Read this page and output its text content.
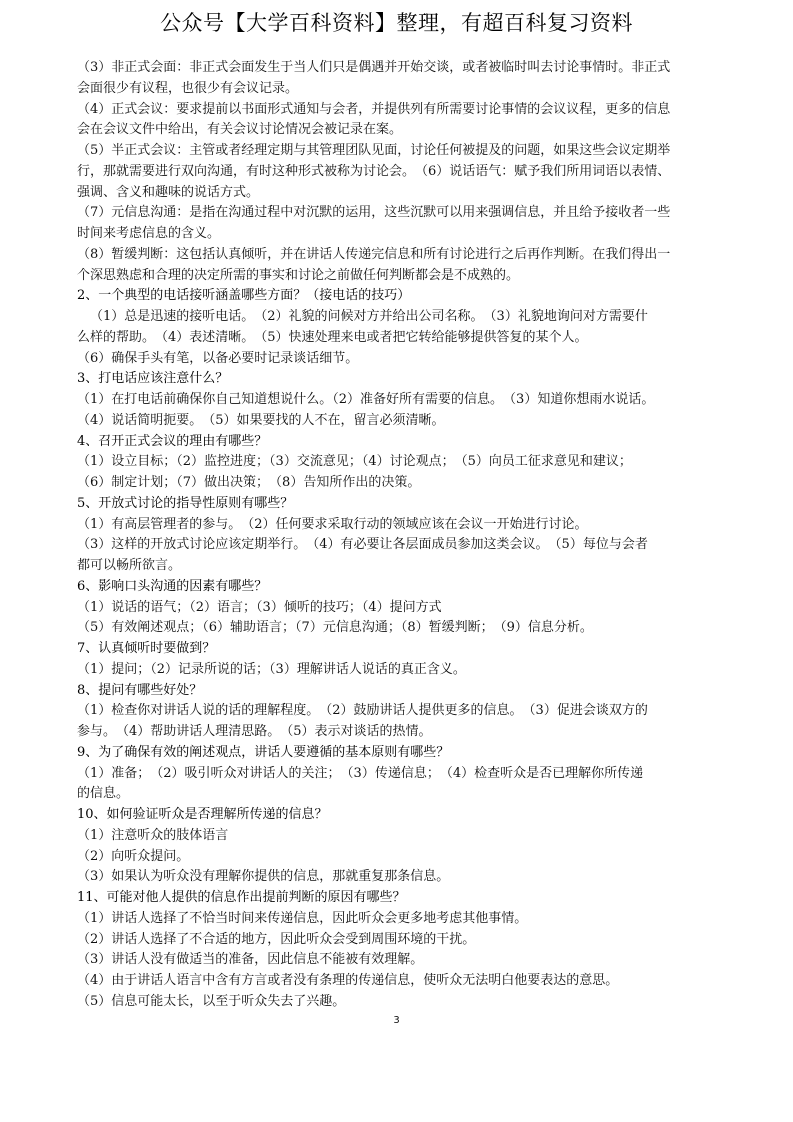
公众号【大学百科资料】整理，有超百科复习资料
（3）非正式会面：非正式会面发生于当人们只是偶遇并开始交谈，或者被临时叫去讨论事情时。非正式
会面很少有议程，也很少有会议记录。
（4）正式会议：要求提前以书面形式通知与会者，并提供列有所需要讨论事情的会议议程，更多的信息
会在会议文件中给出，有关会议讨论情况会被记录在案。
（5）半正式会议：主管或者经理定期与其管理团队见面，讨论任何被提及的问题，如果这些会议定期举
行，那就需要进行双向沟通，有时这种形式被称为讨论会。　（6）说话语气：赋予我们所用词语以表情、
强调、含义和趣味的说话方式。
（7）元信息沟通：是指在沟通过程中对沉默的运用，这些沉默可以用来强调信息，并且给予接收者一些
时间来考虑信息的含义。
（8）暂缓判断：这包括认真倾听，并在讲话人传递完信息和所有讨论进行之后再作判断。在我们得出一
个深思熟虑和合理的决定所需的事实和讨论之前做任何判断都会是不成熟的。
2、一个典型的电话接听涵盖哪些方面？（接电话的技巧）
（1）总是迅速的接听电话。　（2）礼貌的问候对方并给出公司名称。　（3）礼貌地询问对方需要什
么样的帮助。　（4）表述清晰。　（5）快速处理来电或者把它转给能够提供答复的某个人。
（6）确保手头有笔，以备必要时记录谈话细节。
3、打电话应该注意什么？
（1）在打电话前确保你自己知道想说什么。（2）准备好所有需要的信息。　（3）知道你想雨水说话。
（4）说话简明扼要。　（5）如果要找的人不在，留言必须清晰。
4、召开正式会议的理由有哪些？
（1）设立目标；（2）监控进度；（3）交流意见；（4）讨论观点；　（5）向员工征求意见和建议；
（6）制定计划；（7）做出决策；　（8）告知所作出的决策。
5、开放式讨论的指导性原则有哪些？
（1）有高层管理者的参与。　（2）任何要求采取行动的领域应该在会议一开始进行讨论。
（3）这样的开放式讨论应该定期举行。　（4）有必要让各层面成员参加这类会议。　（5）每位与会者
都可以畅所欲言。
6、影响口头沟通的因素有哪些？
（1）说话的语气；（2）语言；（3）倾听的技巧；（4）提问方式
（5）有效阐述观点；（6）辅助语言；（7）元信息沟通；（8）暂缓判断；　（9）信息分析。
7、认真倾听时要做到？
（1）提问；（2）记录所说的话；（3）理解讲话人说话的真正含义。
8、提问有哪些好处？
（1）检查你对讲话人说的话的理解程度。　（2）鼓励讲话人提供更多的信息。　（3）促进会谈双方的
参与。　（4）帮助讲话人理清思路。　（5）表示对谈话的热情。
9、为了确保有效的阐述观点，讲话人要遵循的基本原则有哪些？
（1）准备；　（2）吸引听众对讲话人的关注；　（3）传递信息；　（4）检查听众是否已理解你所传递
的信息。
10、如何验证听众是否理解所传递的信息？
（1）注意听众的肢体语言
（2）向听众提问。
（3）如果认为听众没有理解你提供的信息，那就重复那条信息。
11、可能对他人提供的信息作出提前判断的原因有哪些？
（1）讲话人选择了不恰当时间来传递信息，因此听众会更多地考虑其他事情。
（2）讲话人选择了不合适的地方，因此听众会受到周围环境的干扰。
（3）讲话人没有做适当的准备，因此信息不能被有效理解。
（4）由于讲话人语言中含有方言或者没有条理的传递信息，使听众无法明白他要表达的意思。
（5）信息可能太长，以至于听众失去了兴趣。
3
